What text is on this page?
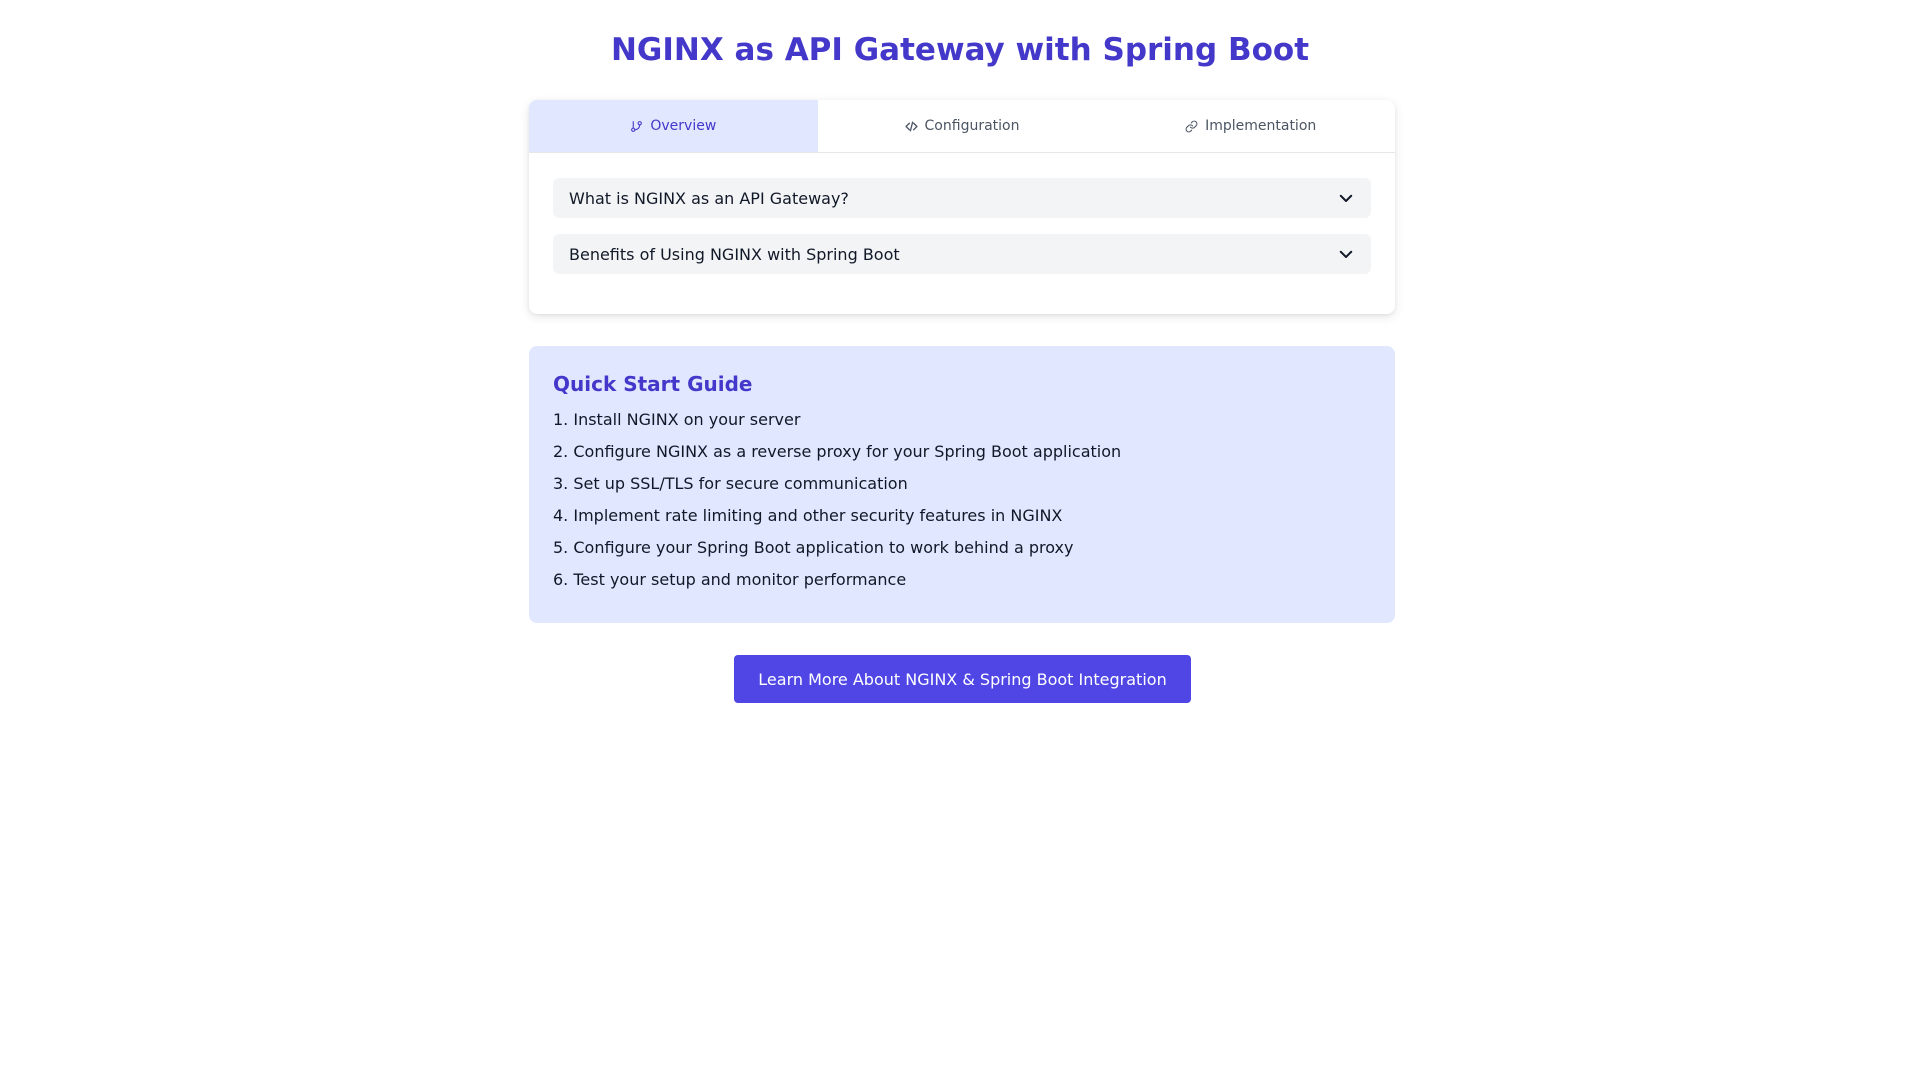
NGINX as API Gateway with Spring Boot
Overview	Configuration	Implementation
What is NGINX as an API Gateway?
Benefits of Using NGINX with Spring Boot
Quick Start Guide
1. Install NGINX on your server
2. Configure NGINX as a reverse proxy for your Spring Boot application
3. Set up SSL/TLS for secure communication
4. Implement rate limiting and other security features in NGINX
5. Configure your Spring Boot application to work behind a proxy
6. Test your setup and monitor performance
Learn More About NGINX & Spring Boot Integration
